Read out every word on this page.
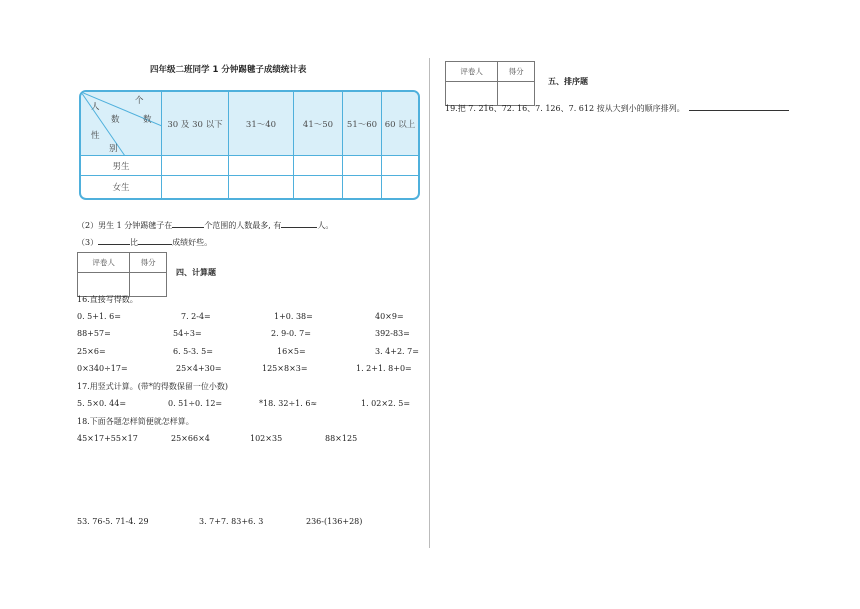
四年级二班同学 1 分钟踢毽子成绩统计表
人
个
数	数
性
别
30 及 30 以下	31～40	41～50	51～60 60 以上
男生
女生
（2）男生 1 分钟踢毽子在	个范围的人数最多, 有	人。
（3）	比	成绩好些。
评卷人	得分

四、计算题
16.直接写得数。
0. 5+1. 6=	7. 2-4=	1+0. 38=	40×9=
88+57=	54÷3=	2. 9-0. 7=	392-83=
25×6=	6. 5-3. 5=	16×5=	3. 4+2. 7=
0×340÷17=	25×4+30=	125×8×3=	1. 2+1. 8+0=
17.用竖式计算。(带*的得数保留一位小数)
5. 5×0. 44=	0. 51÷0. 12=	*18. 32÷1. 6≈	1. 02×2. 5=
18.下面各题怎样简便就怎样算。
45×17+55×17	25×66×4	102×35	88×125
53. 76-5. 71-4. 29	3. 7+7. 83+6. 3	236-(136+28)
评卷人	得分

五、排序题
19.把 7. 216、72. 16、7. 126、7. 612 按从大到小的顺序排列。
